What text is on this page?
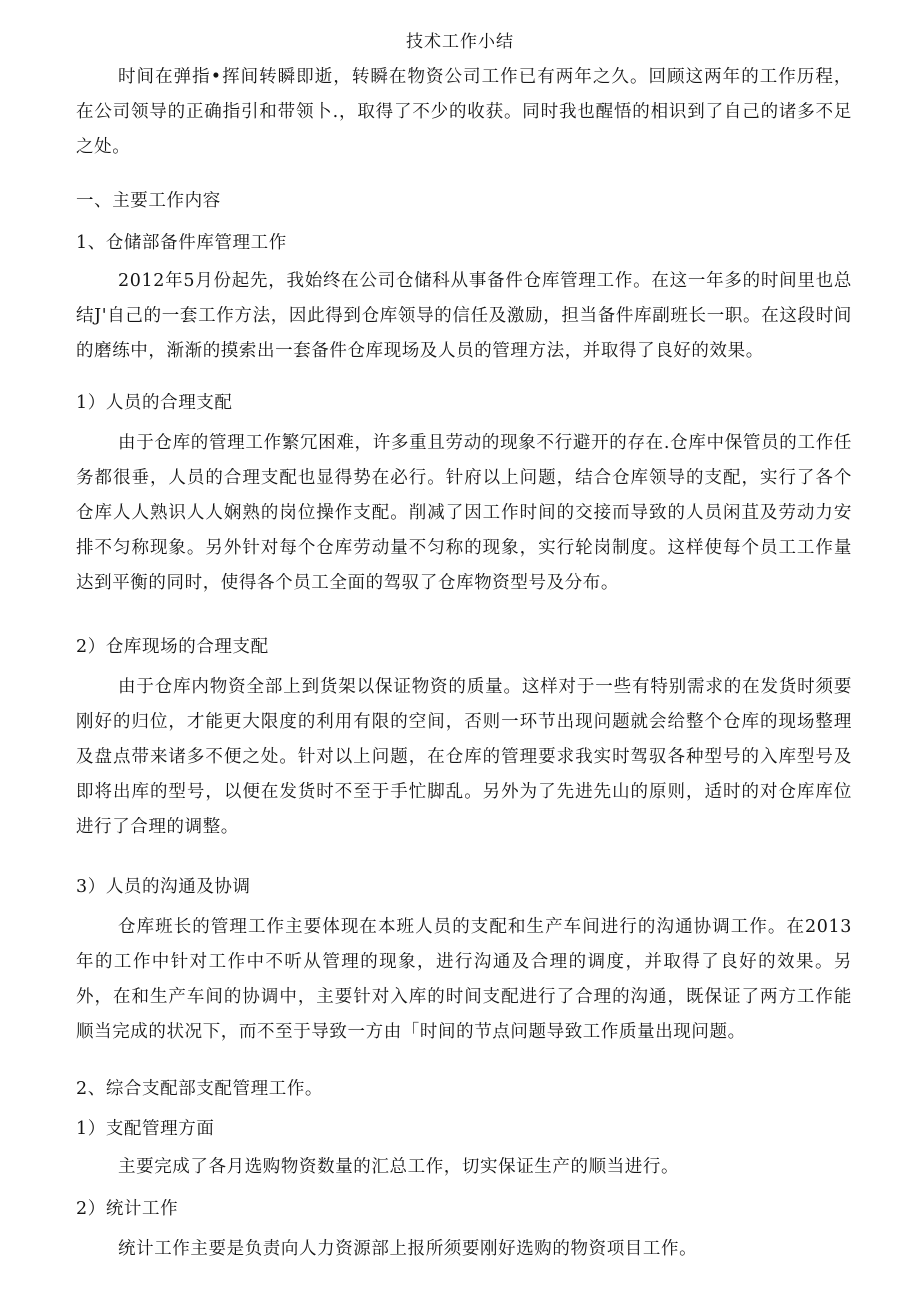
技术工作小结
时间在弹指•挥间转瞬即逝，转瞬在物资公司工作已有两年之久。回顾这两年的工作历程，在公司领导的正确指引和带领卜.，取得了不少的收获。同时我也醒悟的相识到了自己的诸多不足之处。
一、主要工作内容
1、仓储部备件库管理工作
2012年5月份起先，我始终在公司仓储科从事备件仓库管理工作。在这一年多的时间里也总结J'自己的一套工作方法，因此得到仓库领导的信任及激励，担当备件库副班长一职。在这段时间的磨练中，渐渐的摸索出一套备件仓库现场及人员的管理方法，并取得了良好的效果。
1）人员的合理支配
由于仓库的管理工作繁冗困难，许多重且劳动的现象不行避开的存在.仓库中保管员的工作任务都很垂，人员的合理支配也显得势在必行。针府以上问题，结合仓库领导的支配，实行了各个仓库人人熟识人人娴熟的岗位操作支配。削减了因工作时间的交接而导致的人员闲苴及劳动力安排不匀称现象。另外针对每个仓库劳动量不匀称的现象，实行轮岗制度。这样使每个员工工作量达到平衡的同时，使得各个员工全面的驾驭了仓库物资型号及分布。
2）仓库现场的合理支配
由于仓库内物资全部上到货架以保证物资的质量。这样对于一些有特别需求的在发货时须要刚好的归位，才能更大限度的利用有限的空间，否则一环节出现问题就会给整个仓库的现场整理及盘点带来诸多不便之处。针对以上问题，在仓库的管理要求我实时驾驭各种型号的入库型号及即将出库的型号，以便在发货时不至于手忙脚乱。另外为了先进先山的原则，适时的对仓库库位进行了合理的调整。
3）人员的沟通及协调
仓库班长的管理工作主要体现在本班人员的支配和生产车间进行的沟通协调工作。在2013年的工作中针对工作中不听从管理的现象，进行沟通及合理的调度，并取得了良好的效果。另外，在和生产车间的协调中，主要针对入库的时间支配进行了合理的沟通，既保证了两方工作能顺当完成的状况下，而不至于导致一方由「时间的节点问题导致工作质量出现问题。
2、综合支配部支配管理工作。
1）支配管理方面
主要完成了各月选购物资数量的汇总工作，切实保证生产的顺当进行。
2）统计工作
统计工作主要是负责向人力资源部上报所须要刚好选购的物资项目工作。
